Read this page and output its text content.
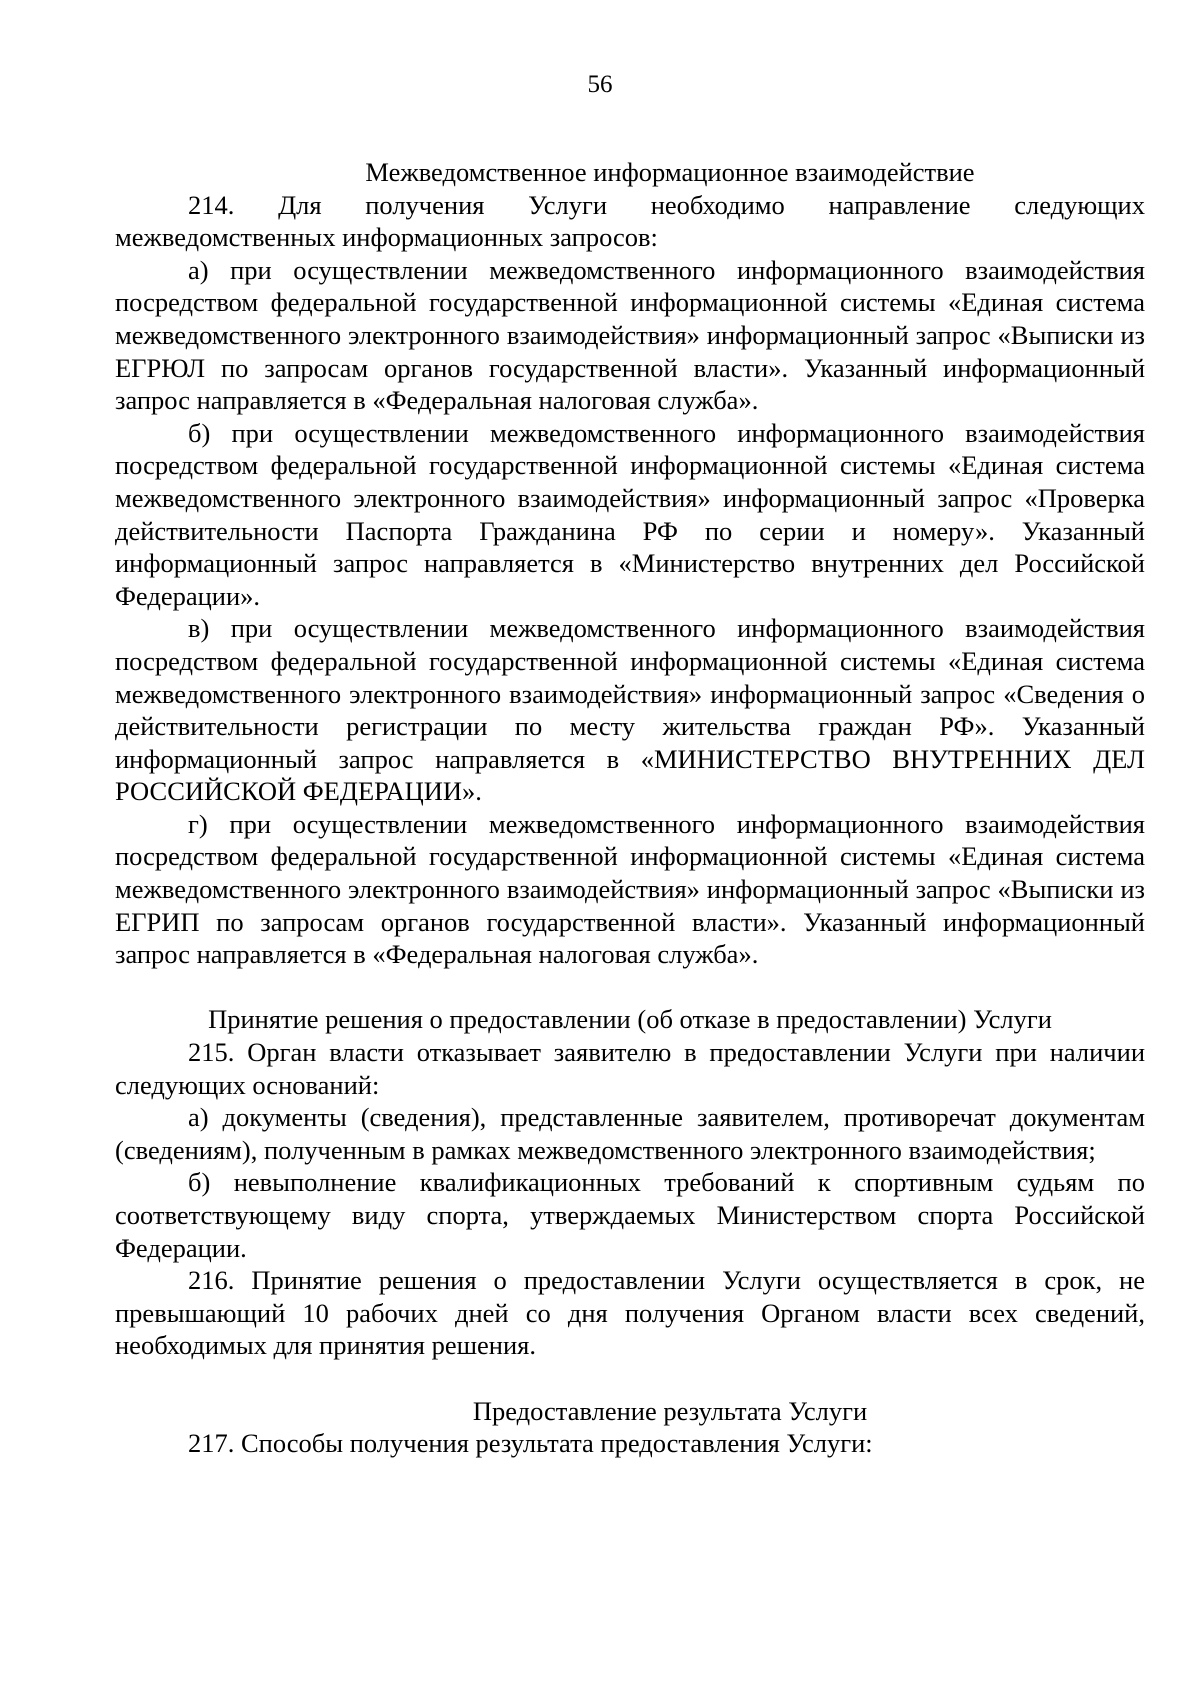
56
Межведомственное информационное взаимодействие

214. Для получения Услуги необходимо направление следующих межведомственных информационных запросов:

а) при осуществлении межведомственного информационного взаимодействия посредством федеральной государственной информационной системы «Единая система межведомственного электронного взаимодействия» информационный запрос «Выписки из ЕГРЮЛ по запросам органов государственной власти». Указанный информационный запрос направляется в «Федеральная налоговая служба».

б) при осуществлении межведомственного информационного взаимодействия посредством федеральной государственной информационной системы «Единая система межведомственного электронного взаимодействия» информационный запрос «Проверка действительности Паспорта Гражданина РФ по серии и номеру». Указанный информационный запрос направляется в «Министерство внутренних дел Российской Федерации».

в) при осуществлении межведомственного информационного взаимодействия посредством федеральной государственной информационной системы «Единая система межведомственного электронного взаимодействия» информационный запрос «Сведения о действительности регистрации по месту жительства граждан РФ». Указанный информационный запрос направляется в «МИНИСТЕРСТВО ВНУТРЕННИХ ДЕЛ РОССИЙСКОЙ ФЕДЕРАЦИИ».

г) при осуществлении межведомственного информационного взаимодействия посредством федеральной государственной информационной системы «Единая система межведомственного электронного взаимодействия» информационный запрос «Выписки из ЕГРИП по запросам органов государственной власти». Указанный информационный запрос направляется в «Федеральная налоговая служба».

Принятие решения о предоставлении (об отказе в предоставлении) Услуги

215. Орган власти отказывает заявителю в предоставлении Услуги при наличии следующих оснований:

а) документы (сведения), представленные заявителем, противоречат документам (сведениям), полученным в рамках межведомственного электронного взаимодействия;

б) невыполнение квалификационных требований к спортивным судьям по соответствующему виду спорта, утверждаемых Министерством спорта Российской Федерации.

216. Принятие решения о предоставлении Услуги осуществляется в срок, не превышающий 10 рабочих дней со дня получения Органом власти всех сведений, необходимых для принятия решения.

Предоставление результата Услуги

217. Способы получения результата предоставления Услуги:
